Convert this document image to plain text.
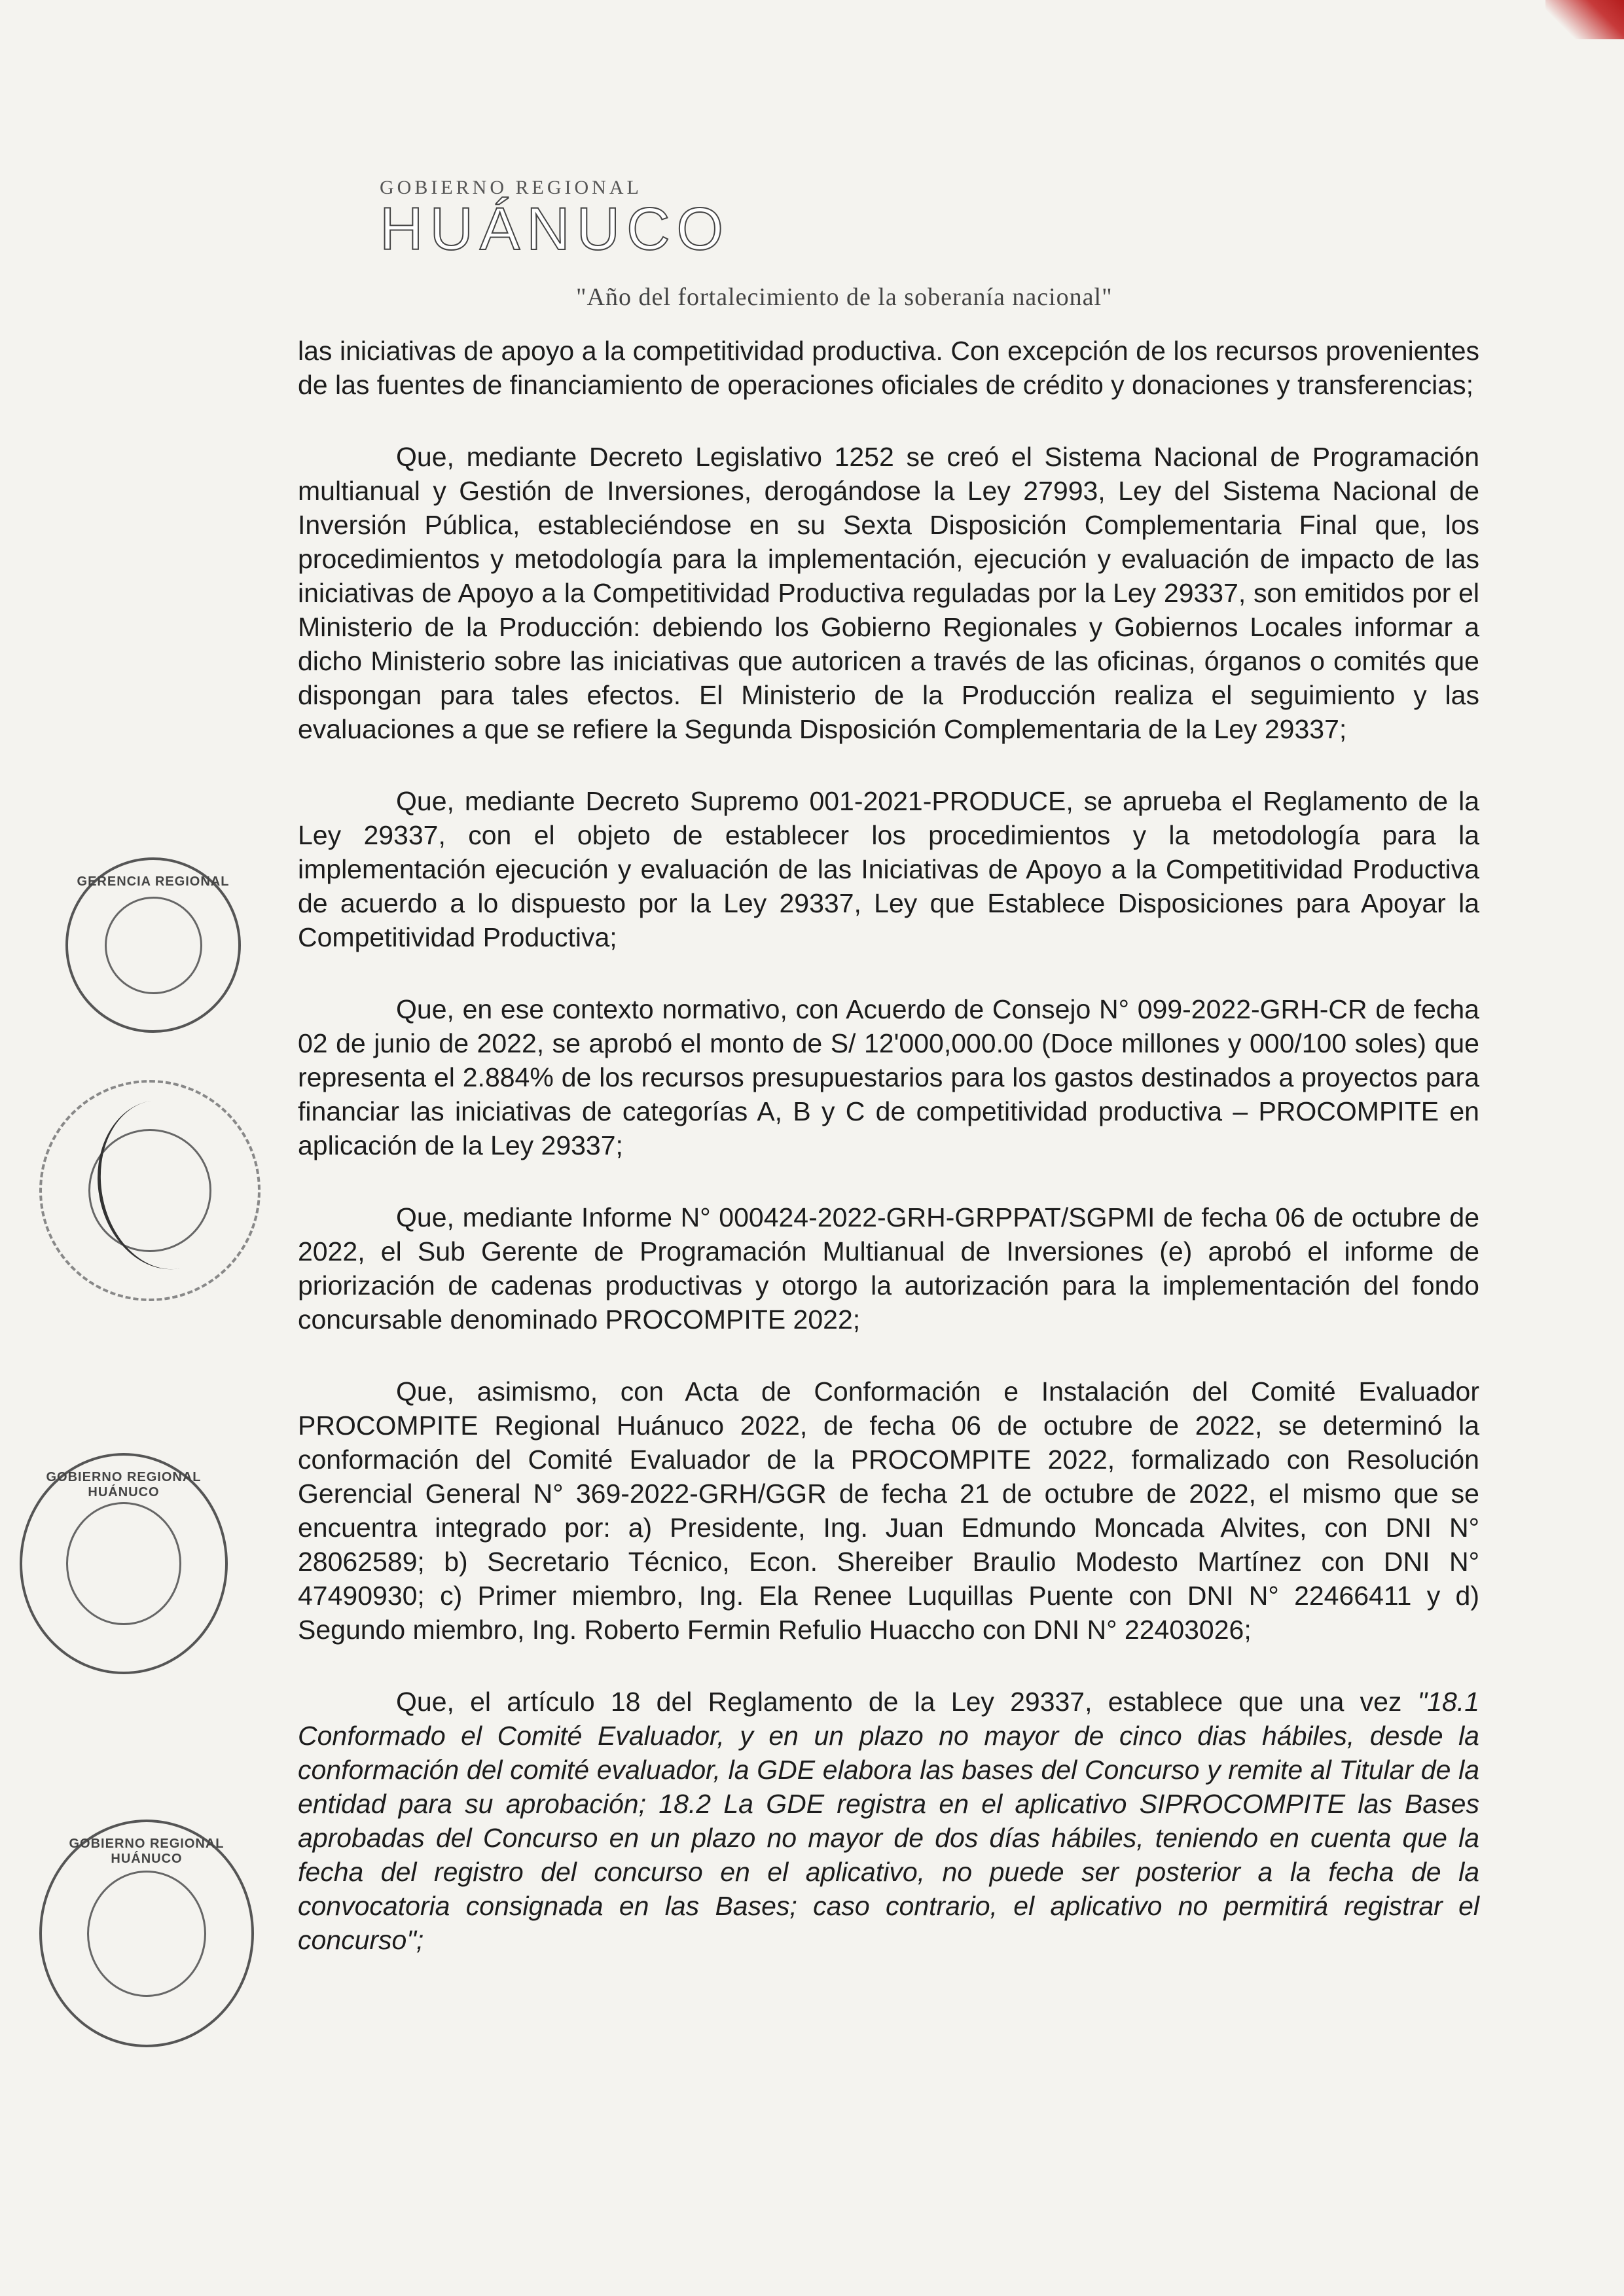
GOBIERNO REGIONAL

HUÁNUCO

"Año del fortalecimiento de la soberanía nacional"

GERENCIA REGIONAL
GOBIERNO REGIONAL HUÁNUCO
GOBIERNO REGIONAL HUÁNUCO

las iniciativas de apoyo a la competitividad productiva. Con excepción de los recursos provenientes de las fuentes de financiamiento de operaciones oficiales de crédito y donaciones y transferencias;

Que, mediante Decreto Legislativo 1252 se creó el Sistema Nacional de Programación multianual y Gestión de Inversiones, derogándose la Ley 27993, Ley del Sistema Nacional de Inversión Pública, estableciéndose en su Sexta Disposición Complementaria Final que, los procedimientos y metodología para la implementación, ejecución y evaluación de impacto de las iniciativas de Apoyo a la Competitividad Productiva reguladas por la Ley 29337, son emitidos por el Ministerio de la Producción: debiendo los Gobierno Regionales y Gobiernos Locales informar a dicho Ministerio sobre las iniciativas que autoricen a través de las oficinas, órganos o comités que dispongan para tales efectos. El Ministerio de la Producción realiza el seguimiento y las evaluaciones a que se refiere la Segunda Disposición Complementaria de la Ley 29337;

Que, mediante Decreto Supremo 001-2021-PRODUCE, se aprueba el Reglamento de la Ley 29337, con el objeto de establecer los procedimientos y la metodología para la implementación ejecución y evaluación de las Iniciativas de Apoyo a la Competitividad Productiva de acuerdo a lo dispuesto por la Ley 29337, Ley que Establece Disposiciones para Apoyar la Competitividad Productiva;

Que, en ese contexto normativo, con Acuerdo de Consejo N° 099-2022-GRH-CR de fecha 02 de junio de 2022, se aprobó el monto de S/ 12'000,000.00 (Doce millones y 000/100 soles) que representa el 2.884% de los recursos presupuestarios para los gastos destinados a proyectos para financiar las iniciativas de categorías A, B y C de competitividad productiva – PROCOMPITE en aplicación de la Ley 29337;

Que, mediante Informe N° 000424-2022-GRH-GRPPAT/SGPMI de fecha 06 de octubre de 2022, el Sub Gerente de Programación Multianual de Inversiones (e) aprobó el informe de priorización de cadenas productivas y otorgo la autorización para la implementación del fondo concursable denominado PROCOMPITE 2022;

Que, asimismo, con Acta de Conformación e Instalación del Comité Evaluador PROCOMPITE Regional Huánuco 2022, de fecha 06 de octubre de 2022, se determinó la conformación del Comité Evaluador de la PROCOMPITE 2022, formalizado con Resolución Gerencial General N° 369-2022-GRH/GGR de fecha 21 de octubre de 2022, el mismo que se encuentra integrado por: a) Presidente, Ing. Juan Edmundo Moncada Alvites, con DNI N° 28062589; b) Secretario Técnico, Econ. Shereiber Braulio Modesto Martínez con DNI N° 47490930; c) Primer miembro, Ing. Ela Renee Luquillas Puente con DNI N° 22466411 y d) Segundo miembro, Ing. Roberto Fermin Refulio Huaccho con DNI N° 22403026;

Que, el artículo 18 del Reglamento de la Ley 29337, establece que una vez "18.1 Conformado el Comité Evaluador, y en un plazo no mayor de cinco dias hábiles, desde la conformación del comité evaluador, la GDE elabora las bases del Concurso y remite al Titular de la entidad para su aprobación; 18.2 La GDE registra en el aplicativo SIPROCOMPITE las Bases aprobadas del Concurso en un plazo no mayor de dos días hábiles, teniendo en cuenta que la fecha del registro del concurso en el aplicativo, no puede ser posterior a la fecha de la convocatoria consignada en las Bases; caso contrario, el aplicativo no permitirá registrar el concurso";
